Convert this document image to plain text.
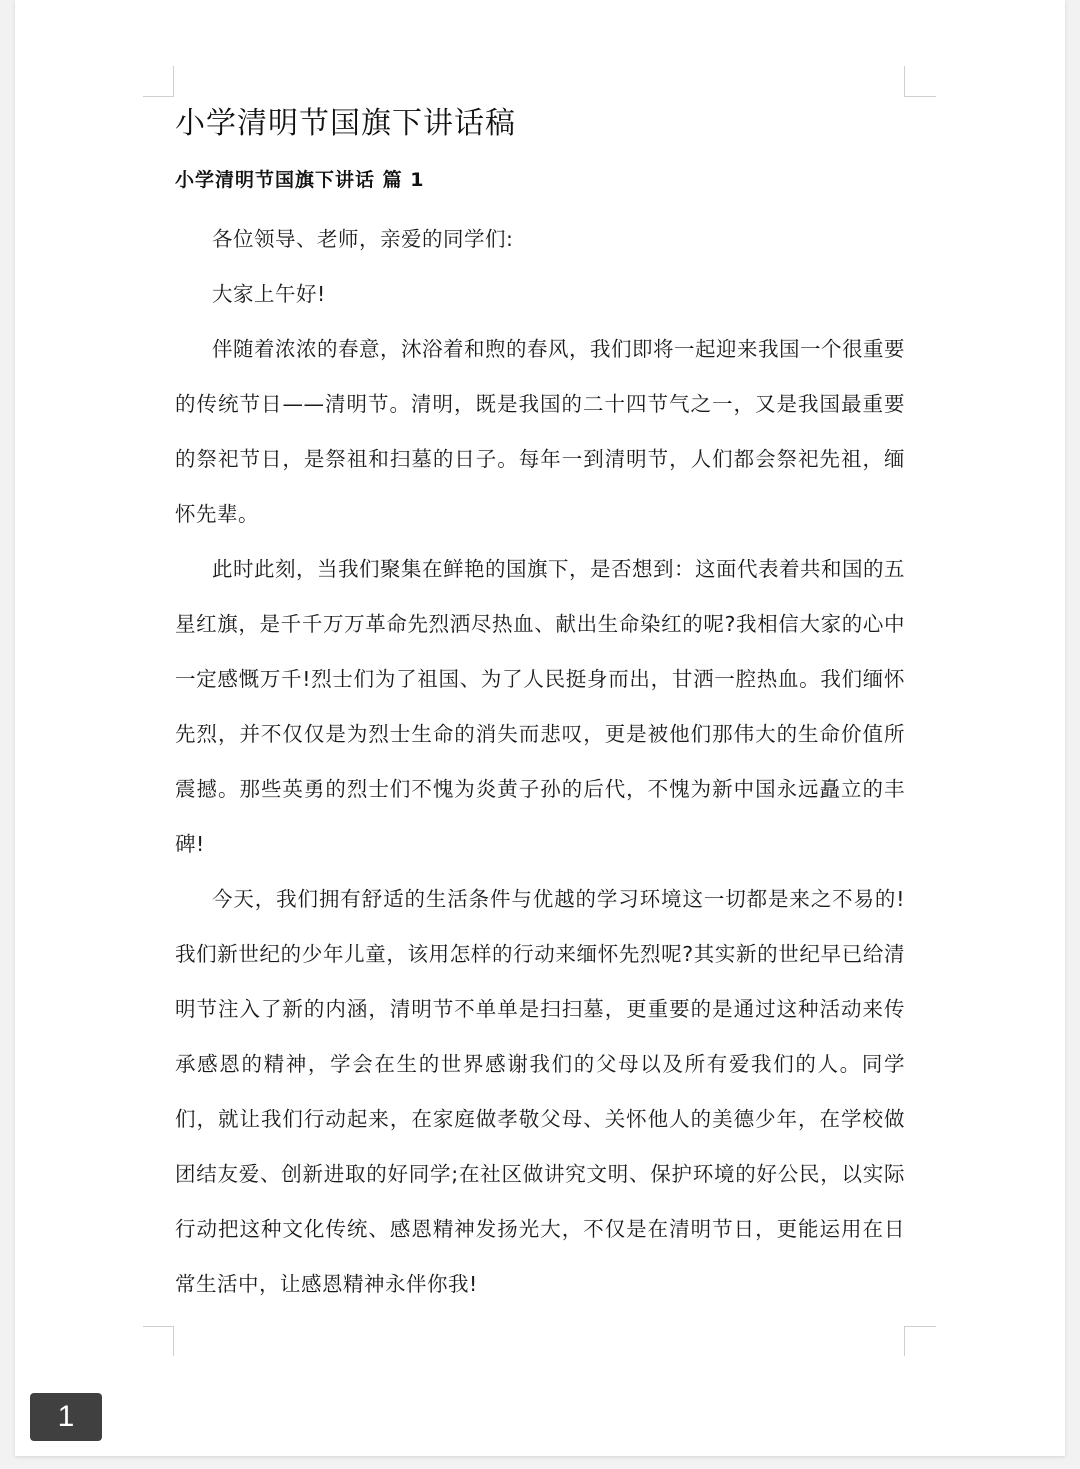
小学清明节国旗下讲话稿
小学清明节国旗下讲话 篇 1

各位领导、老师，亲爱的同学们:

大家上午好!

伴随着浓浓的春意，沐浴着和煦的春风，我们即将一起迎来我国一个很重要的传统节日——清明节。清明，既是我国的二十四节气之一，又是我国最重要的祭祀节日，是祭祖和扫墓的日子。每年一到清明节，人们都会祭祀先祖，缅怀先辈。

此时此刻，当我们聚集在鲜艳的国旗下，是否想到：这面代表着共和国的五星红旗，是千千万万革命先烈洒尽热血、献出生命染红的呢?我相信大家的心中一定感慨万千!烈士们为了祖国、为了人民挺身而出，甘洒一腔热血。我们缅怀先烈，并不仅仅是为烈士生命的消失而悲叹，更是被他们那伟大的生命价值所震撼。那些英勇的烈士们不愧为炎黄子孙的后代，不愧为新中国永远矗立的丰碑!

今天，我们拥有舒适的生活条件与优越的学习环境这一切都是来之不易的!我们新世纪的少年儿童，该用怎样的行动来缅怀先烈呢?其实新的世纪早已给清明节注入了新的内涵，清明节不单单是扫扫墓，更重要的是通过这种活动来传承感恩的精神，学会在生的世界感谢我们的父母以及所有爱我们的人。同学们，就让我们行动起来，在家庭做孝敬父母、关怀他人的美德少年，在学校做团结友爱、创新进取的好同学;在社区做讲究文明、保护环境的好公民，以实际行动把这种文化传统、感恩精神发扬光大，不仅是在清明节日，更能运用在日常生活中，让感恩精神永伴你我!

1
